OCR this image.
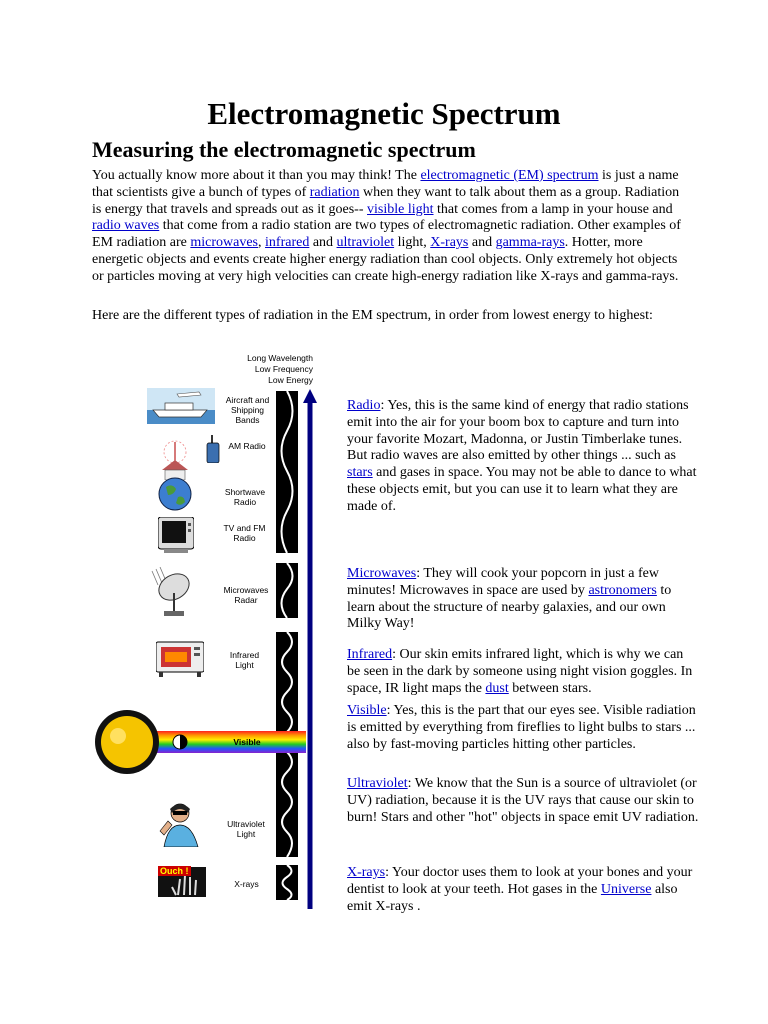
Electromagnetic Spectrum
Measuring the electromagnetic spectrum

You actually know more about it than you may think! The electromagnetic (EM) spectrum is just a name that scientists give a bunch of types of radiation when they want to talk about them as a group. Radiation is energy that travels and spreads out as it goes-- visible light that comes from a lamp in your house and radio waves that come from a radio station are two types of electromagnetic radiation. Other examples of EM radiation are microwaves, infrared and ultraviolet light, X-rays and gamma-rays. Hotter, more energetic objects and events create higher energy radiation than cool objects. Only extremely hot objects or particles moving at very high velocities can create high-energy radiation like X-rays and gamma-rays.

Here are the different types of radiation in the EM spectrum, in order from lowest energy to highest:

Long Wavelength
Low Frequency
Low Energy
Aircraft and Shipping Bands
AM Radio
Shortwave Radio
TV and FM Radio
Microwaves Radar
Infrared Light
Visible
Ultraviolet Light
Ouch !
X-rays

Radio: Yes, this is the same kind of energy that radio stations emit into the air for your boom box to capture and turn into your favorite Mozart, Madonna, or Justin Timberlake tunes. But radio waves are also emitted by other things ... such as stars and gases in space. You may not be able to dance to what these objects emit, but you can use it to learn what they are made of.

Microwaves: They will cook your popcorn in just a few minutes! Microwaves in space are used by astronomers to learn about the structure of nearby galaxies, and our own Milky Way!

Infrared: Our skin emits infrared light, which is why we can be seen in the dark by someone using night vision goggles. In space, IR light maps the dust between stars.

Visible: Yes, this is the part that our eyes see. Visible radiation is emitted by everything from fireflies to light bulbs to stars ... also by fast-moving particles hitting other particles.

Ultraviolet: We know that the Sun is a source of ultraviolet (or UV) radiation, because it is the UV rays that cause our skin to burn! Stars and other "hot" objects in space emit UV radiation.

X-rays: Your doctor uses them to look at your bones and your dentist to look at your teeth. Hot gases in the Universe also emit X-rays .
